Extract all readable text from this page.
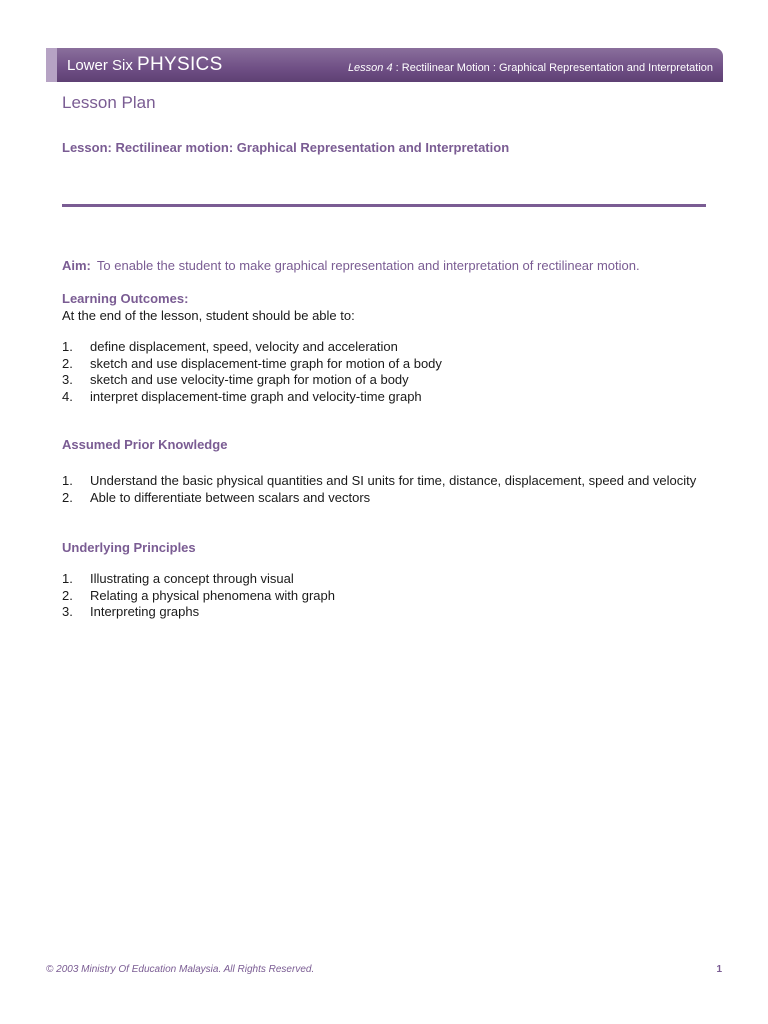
Lower Six PHYSICS	Lesson 4 : Rectilinear Motion : Graphical Representation and Interpretation
Lesson Plan
Lesson: Rectilinear motion: Graphical Representation and Interpretation
Aim: To enable the student to make graphical representation and interpretation of rectilinear motion.
Learning Outcomes:
At the end of the lesson, student should be able to:
1.	define displacement, speed, velocity and acceleration
2.	sketch and use displacement-time graph for motion of a body
3.	sketch and use velocity-time graph for motion of a body
4.	interpret displacement-time graph and velocity-time graph
Assumed Prior Knowledge
1.	Understand the basic physical quantities and SI units for time, distance, displacement, speed and velocity
2.	Able to differentiate between scalars and vectors
Underlying Principles
1.	Illustrating a concept through visual
2.	Relating a physical phenomena with graph
3.	Interpreting graphs
© 2003 Ministry Of Education Malaysia. All Rights Reserved.	1
